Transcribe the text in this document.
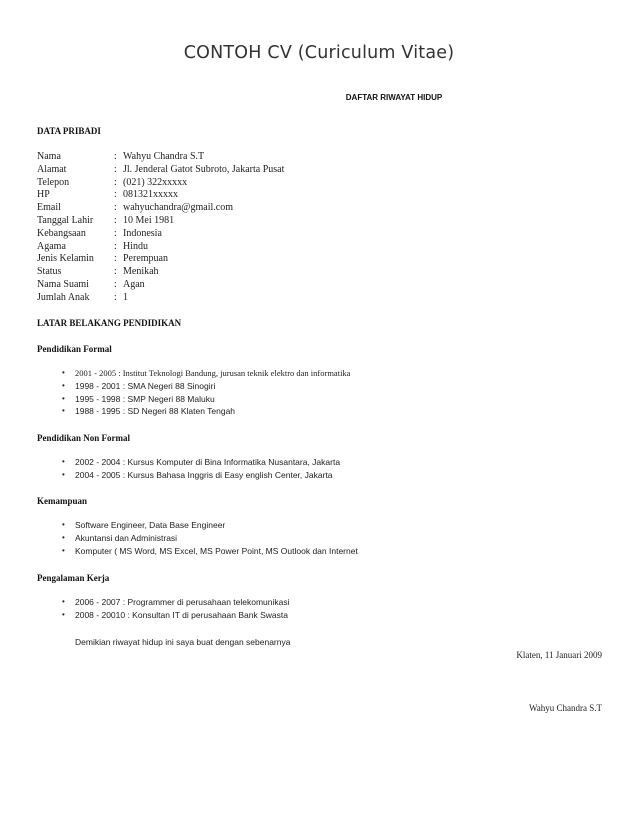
CONTOH CV (Curiculum Vitae)
DAFTAR RIWAYAT HIDUP
DATA PRIBADI
Nama	: Wahyu Chandra S.T
Alamat	: Jl. Jenderal Gatot Subroto, Jakarta Pusat
Telepon	: (021) 322xxxxx
HP	:081321xxxxx
Email	: wahyuchandra@gmail.com
Tanggal Lahir : 10 Mei 1981
Kebangsaan	: Indonesia
Agama	: Hindu
Jenis Kelamin : Perempuan
Status	: Menikah
Nama Suami	: Agan
Jumlah Anak : 1
LATAR BELAKANG PENDIDIKAN
Pendidikan Formal
• 2001 - 2005 : Institut Teknologi Bandung, jurusan teknik elektro dan informatika
• 1998 - 2001 : SMA Negeri 88 Sinogiri
• 1995 - 1998 : SMP Negeri 88 Maluku
• 1988 - 1995 : SD Negeri 88 Klaten Tengah
Pendidikan Non Formal
• 2002 - 2004 : Kursus Komputer di Bina Informatika Nusantara, Jakarta
• 2004 - 2005 : Kursus Bahasa Inggris di Easy english Center, Jakarta
Kemampuan
• Software Engineer, Data Base Engineer
• Akuntansi dan Administrasi
• Komputer ( MS Word, MS Excel, MS Power Point, MS Outlook dan Internet
Pengalaman Kerja
• 2006 - 2007 : Programmer di perusahaan telekomunikasi
• 2008 - 20010 : Konsultan IT di perusahaan Bank Swasta
Demikian riwayat hidup ini saya buat dengan sebenarnya
Klaten, 11 Januari 2009
Wahyu Chandra S.T
